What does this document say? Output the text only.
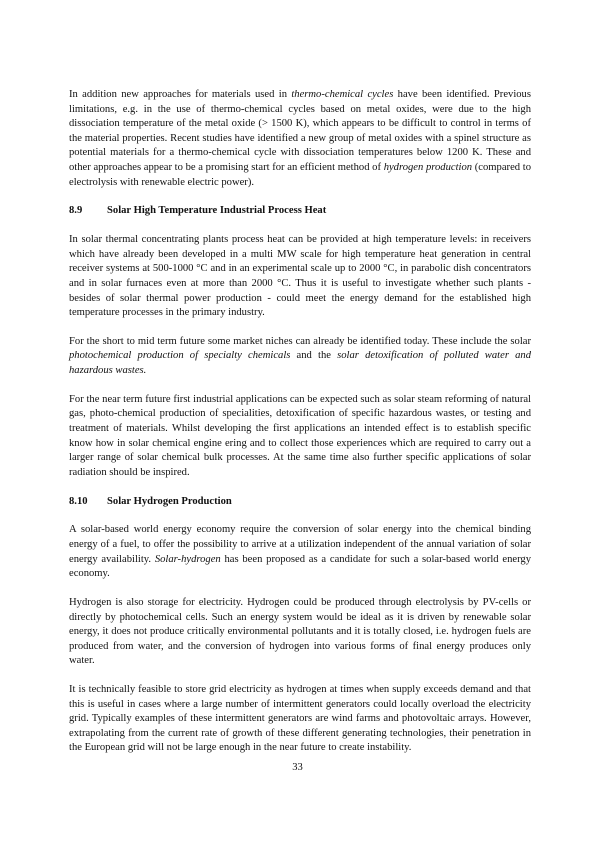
In addition new approaches for materials used in thermo-chemical cycles have been identified. Previous limitations, e.g. in the use of thermo-chemical cycles based on metal oxides, were due to the high dissociation temperature of the metal oxide (> 1500 K), which appears to be difficult to control in terms of the material properties. Recent studies have identified a new group of metal oxides with a spinel structure as potential materials for a thermo-chemical cycle with dissociation temperatures below 1200 K. These and other approaches appear to be a promising start for an efficient method of hydrogen production (compared to electrolysis with renewable electric power).

8.9 Solar High Temperature Industrial Process Heat

In solar thermal concentrating plants process heat can be provided at high temperature levels: in receivers which have already been developed in a multi MW scale for high temperature heat generation in central receiver systems at 500-1000 °C and in an experimental scale up to 2000 °C, in parabolic dish concentrators and in solar furnaces even at more than 2000 °C. Thus it is useful to investigate whether such plants - besides of solar thermal power production - could meet the energy demand for the established high temperature processes in the primary industry.

For the short to mid term future some market niches can already be identified today. These include the solar photochemical production of specialty chemicals and the solar detoxification of polluted water and hazardous wastes.

For the near term future first industrial applications can be expected such as solar steam reforming of natural gas, photo-chemical production of specialities, detoxification of specific hazardous wastes, or testing and treatment of materials. Whilst developing the first applications an intended effect is to establish specific know how in solar chemical engine ering and to collect those experiences which are required to carry out a larger range of solar chemical bulk processes. At the same time also further specific applications of solar radiation should be inspired.

8.10 Solar Hydrogen Production

A solar-based world energy economy require the conversion of solar energy into the chemical binding energy of a fuel, to offer the possibility to arrive at a utilization independent of the annual variation of solar energy availability. Solar-hydrogen has been proposed as a candidate for such a solar-based world energy economy.

Hydrogen is also storage for electricity. Hydrogen could be produced through electrolysis by PV-cells or directly by photochemical cells. Such an energy system would be ideal as it is driven by renewable solar energy, it does not produce critically environmental pollutants and it is totally closed, i.e. hydrogen fuels are produced from water, and the conversion of hydrogen into various forms of final energy produces only water.

It is technically feasible to store grid electricity as hydrogen at times when supply exceeds demand and that this is useful in cases where a large number of intermittent generators could locally overload the electricity grid. Typically examples of these intermittent generators are wind farms and photovoltaic arrays. However, extrapolating from the current rate of growth of these different generating technologies, their penetration in the European grid will not be large enough in the near future to create instability.

33
